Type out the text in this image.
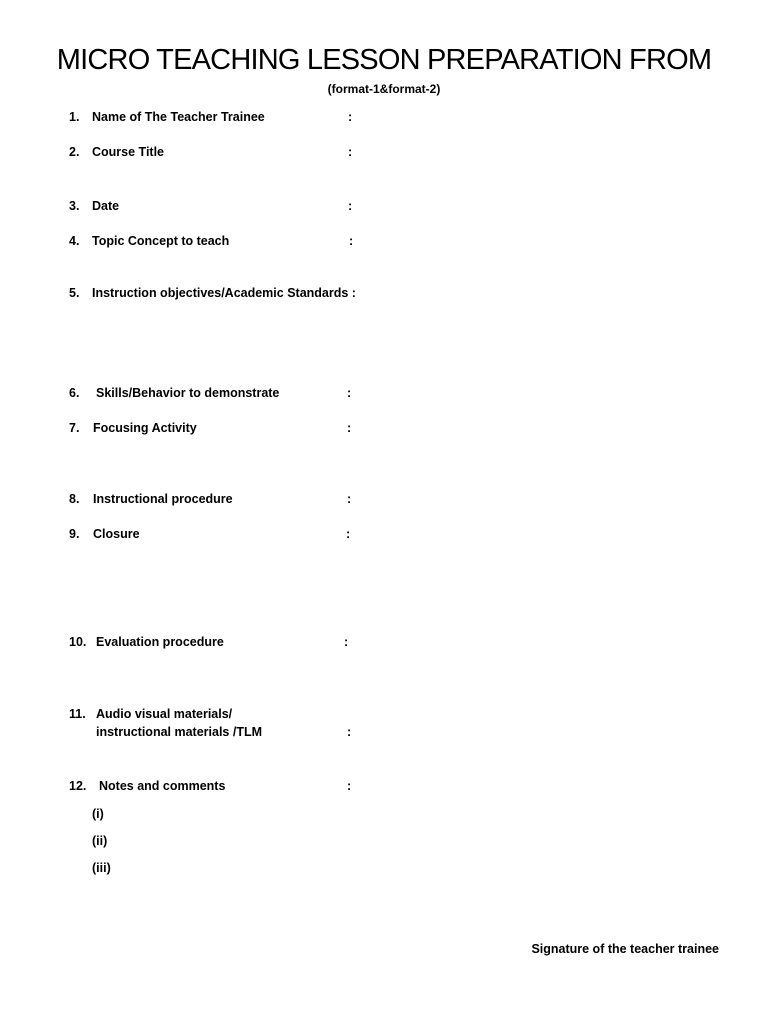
MICRO TEACHING LESSON PREPARATION FROM
(format-1&format-2)
1. Name of The Teacher Trainee	:
2. Course Title	:
3. Date	:
4. Topic Concept to teach	:
5. Instruction objectives/Academic Standards :
6. Skills/Behavior to demonstrate	:
7. Focusing Activity	:
8. Instructional procedure	:
9. Closure	:
10. Evaluation procedure	:
11. Audio visual materials/
instructional materials /TLM	:
12. Notes and comments	:
(i)
(ii)
(iii)
Signature of the teacher trainee
